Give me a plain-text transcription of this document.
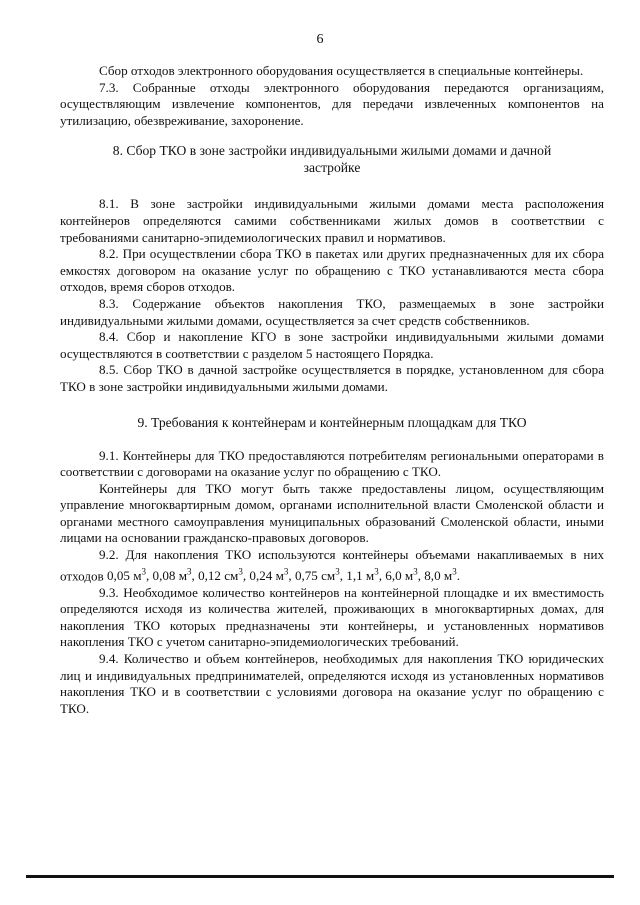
6

Сбор отходов электронного оборудования осуществляется в специальные контейнеры.

7.3. Собранные отходы электронного оборудования передаются организациям, осуществляющим извлечение компонентов, для передачи извлеченных компонентов на утилизацию, обезвреживание, захоронение.

8. Сбор ТКО в зоне застройки индивидуальными жилыми домами и дачной застройке

8.1. В зоне застройки индивидуальными жилыми домами места расположения контейнеров определяются самими собственниками жилых домов в соответствии с требованиями санитарно-эпидемиологических правил и нормативов.

8.2. При осуществлении сбора ТКО в пакетах или других предназначенных для их сбора емкостях договором на оказание услуг по обращению с ТКО устанавливаются места сбора отходов, время сборов отходов.

8.3. Содержание объектов накопления ТКО, размещаемых в зоне застройки индивидуальными жилыми домами, осуществляется за счет средств собственников.

8.4. Сбор и накопление КГО в зоне застройки индивидуальными жилыми домами осуществляются в соответствии с разделом 5 настоящего Порядка.

8.5. Сбор ТКО в дачной застройке осуществляется в порядке, установленном для сбора ТКО в зоне застройки индивидуальными жилыми домами.

9. Требования к контейнерам и контейнерным площадкам для ТКО

9.1. Контейнеры для ТКО предоставляются потребителям региональными операторами в соответствии с договорами на оказание услуг по обращению с ТКО.

Контейнеры для ТКО могут быть также предоставлены лицом, осуществляющим управление многоквартирным домом, органами исполнительной власти Смоленской области и органами местного самоуправления муниципальных образований Смоленской области, иными лицами на основании гражданско-правовых договоров.

9.2. Для накопления ТКО используются контейнеры объемами накапливаемых в них отходов 0,05 $м^3$, 0,08 $м^3$, 0,12 $см^3$, 0,24 $м^3$, 0,75 $см^3$, 1,1 $м^3$, 6,0 $м^3$, 8,0 $м^3$.

9.3. Необходимое количество контейнеров на контейнерной площадке и их вместимость определяются исходя из количества жителей, проживающих в многоквартирных домах, для накопления ТКО которых предназначены эти контейнеры, и установленных нормативов накопления ТКО с учетом санитарно-эпидемиологических требований.

9.4. Количество и объем контейнеров, необходимых для накопления ТКО юридических лиц и индивидуальных предпринимателей, определяются исходя из установленных нормативов накопления ТКО и в соответствии с условиями договора на оказание услуг по обращению с ТКО.
